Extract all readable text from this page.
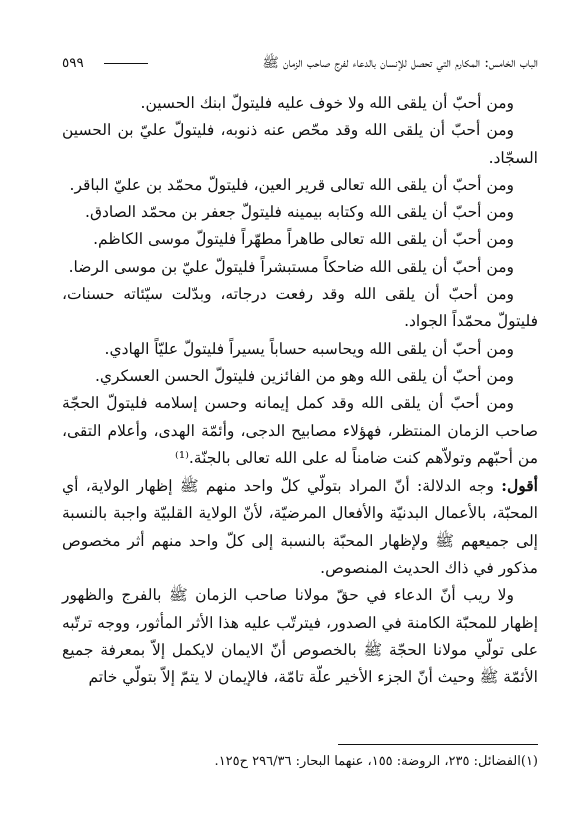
الباب الخامس: المكارم التي تحصل للإنسان بالدعاء لفرج صاحب الزمان ﷺ
٥٩٩

ومن أحبّ أن يلقى الله ولا خوف عليه فليتولّ ابنك الحسين.

ومن أحبّ أن يلقى الله وقد محّص عنه ذنوبه، فليتولّ عليّ بن الحسين السجّاد.

ومن أحبّ أن يلقى الله تعالى قرير العين، فليتولّ محمّد بن عليّ الباقر.

ومن أحبّ أن يلقى الله وكتابه بيمينه فليتولّ جعفر بن محمّد الصادق.

ومن أحبّ أن يلقى الله تعالى طاهراً مطهّراً فليتولّ موسى الكاظم.

ومن أحبّ أن يلقى الله ضاحكاً مستبشراً فليتولّ عليّ بن موسى الرضا.

ومن أحبّ أن يلقى الله وقد رفعت درجاته، وبدّلت سيّئاته حسنات، فليتولّ محمّداً الجواد.

ومن أحبّ أن يلقى الله ويحاسبه حساباً يسيراً فليتولّ عليّاً الهادي.

ومن أحبّ أن يلقى الله وهو من الفائزين فليتولّ الحسن العسكري.

ومن أحبّ أن يلقى الله وقد كمل إيمانه وحسن إسلامه فليتولّ الحجّة صاحب الزمان المنتظر، فهؤلاء مصابيح الدجى، وأئمّة الهدى، وأعلام التقى، من أحبّهم وتولاّهم كنت ضامناً له على الله تعالى بالجنّة.⁽¹⁾

أقول: وجه الدلالة: أنّ المراد بتولّي كلّ واحد منهم ﷺ إظهار الولاية، أي المحبّة، بالأعمال البدنيّة والأفعال المرضيّة، لأنّ الولاية القلبيّة واجبة بالنسبة إلى جميعهم ﷺ ولإظهار المحبّة بالنسبة إلى كلّ واحد منهم أثر مخصوص مذكور في ذاك الحديث المنصوص.

ولا ريب أنّ الدعاء في حقّ مولانا صاحب الزمان ﷺ بالفرج والظهور إظهار للمحبّة الكامنة في الصدور، فيترتّب عليه هذا الأثر المأثور، ووجه ترتّبه على تولّي مولانا الحجّة ﷺ بالخصوص أنّ الايمان لايكمل إلاّ بمعرفة جميع الأئمّة ﷺ وحيث أنّ الجزء الأخير علّة تامّة، فالإيمان لا يتمّ إلاّ بتولّي خاتم

(١)الفضائل: ٢٣٥، الروضة: ١٥٥، عنهما البحار: ٢٩٦/٣٦ ح١٢٥.
